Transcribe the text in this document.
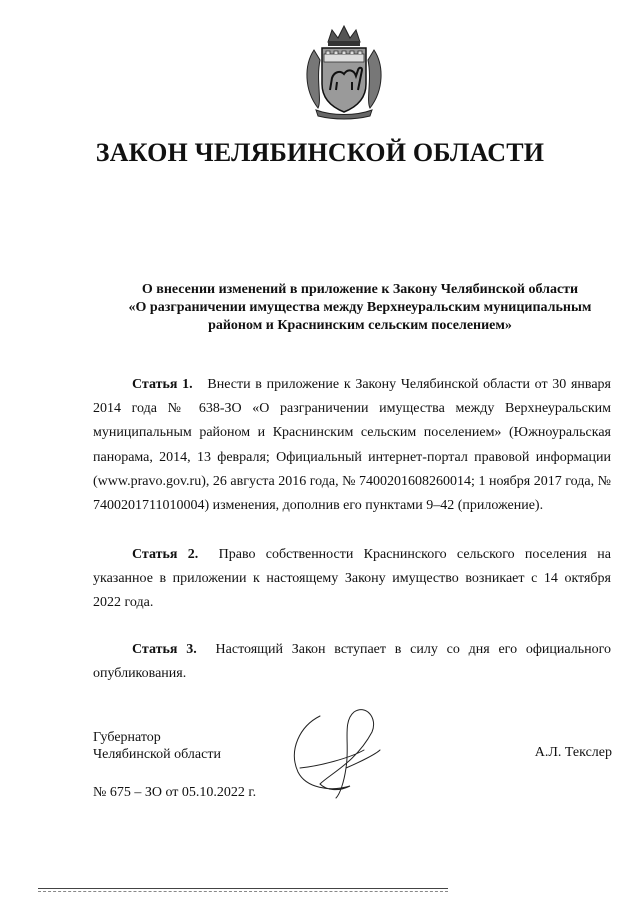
ЗАКОН ЧЕЛЯБИНСКОЙ ОБЛАСТИ
О внесении изменений в приложение к Закону Челябинской области
«О разграничении имущества между Верхнеуральским муниципальным
районом и Краснинским сельским поселением»
Статья 1. Внести в приложение к Закону Челябинской области от 30 января 2014 года № 638-ЗО «О разграничении имущества между Верхнеуральским муниципальным районом и Краснинским сельским поселением» (Южноуральская панорама, 2014, 13 февраля; Официальный интернет-портал правовой информации (www.pravo.gov.ru), 26 августа 2016 года, № 7400201608260014; 1 ноября 2017 года, № 7400201711010004) изменения, дополнив его пунктами 9–42 (приложение).
Статья 2. Право собственности Краснинского сельского поселения на указанное в приложении к настоящему Закону имущество возникает с 14 октября 2022 года.
Статья 3. Настоящий Закон вступает в силу со дня его официального опубликования.
Губернатор
Челябинской области	А.Л. Текслер
№ 675 – ЗО от 05.10.2022 г.
